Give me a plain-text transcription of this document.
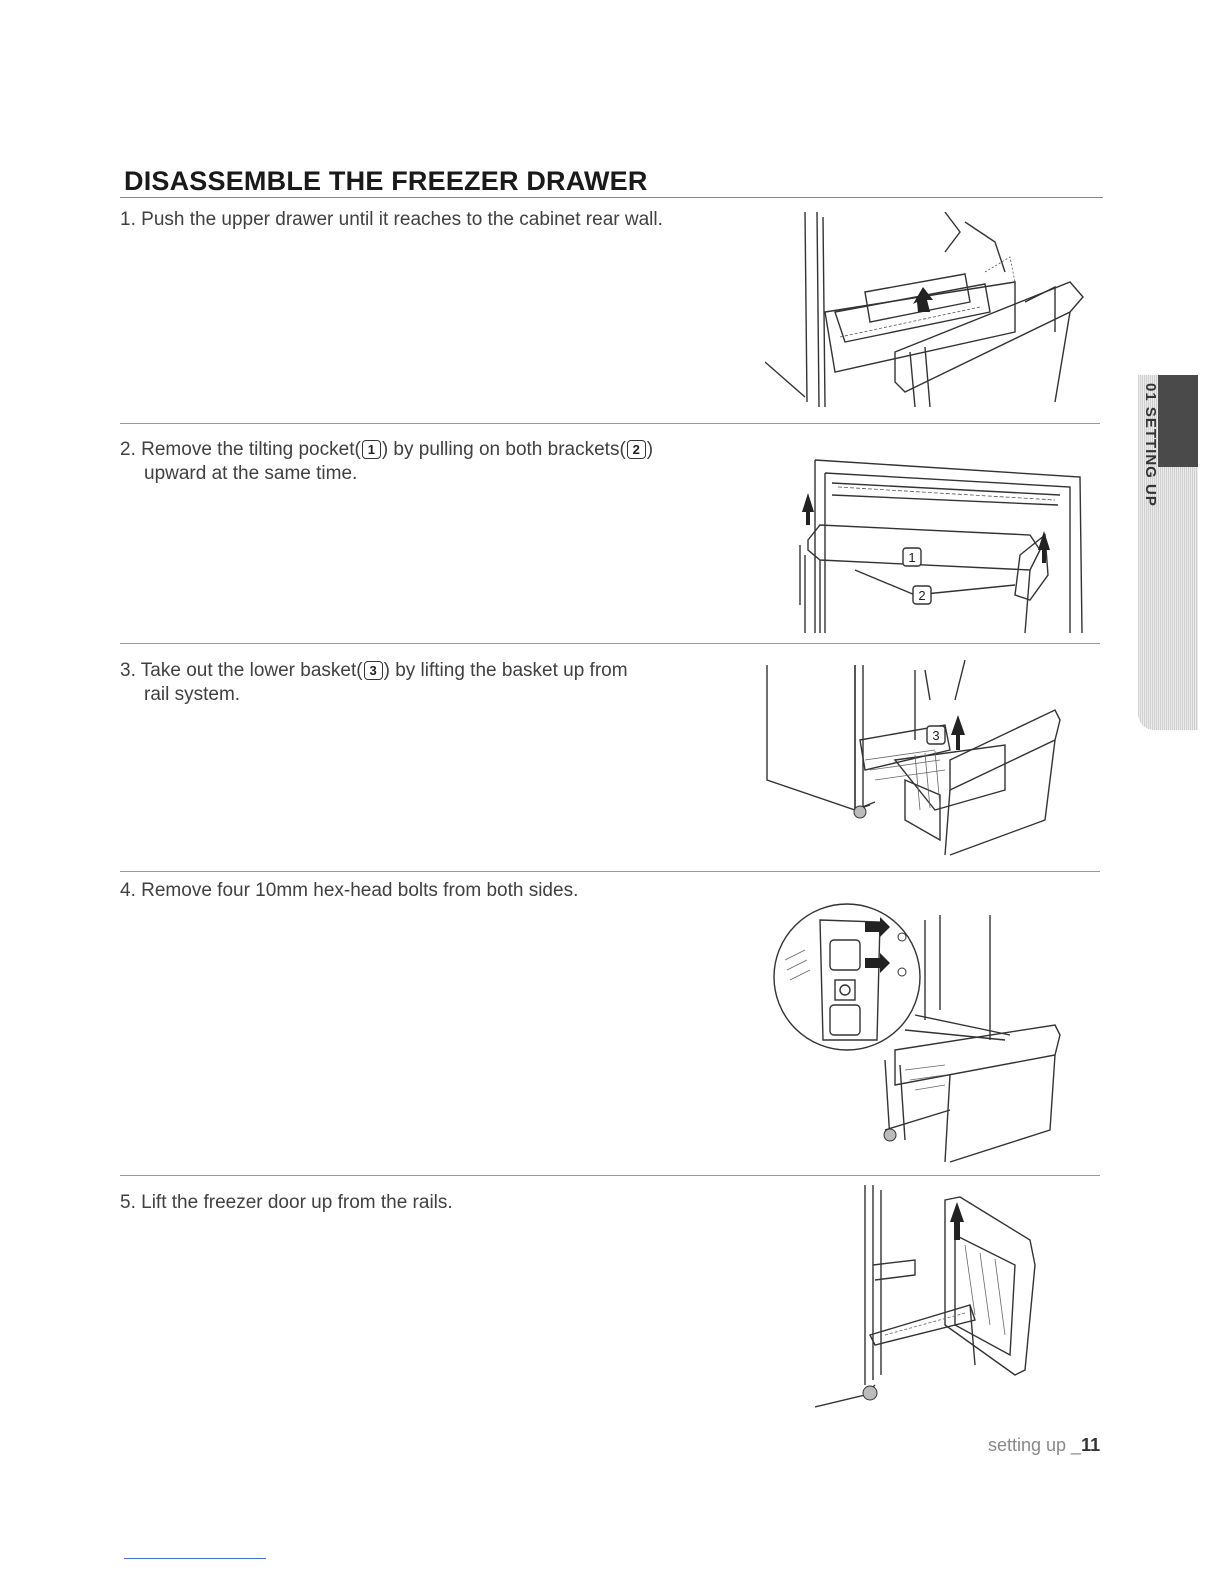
DISASSEMBLE THE FREEZER DRAWER
1. Push the upper drawer until it reaches to the cabinet rear wall.
2. Remove the tilting pocket( 1 ) by pulling on both brackets( 2 )
upward at the same time.
1
2
3. Take out the lower basket( 3 ) by lifting the basket up from
rail system.
3
4. Remove four 10mm hex-head bolts from both sides.
5. Lift the freezer door up from the rails.
01 SETTING UP
setting up _11
